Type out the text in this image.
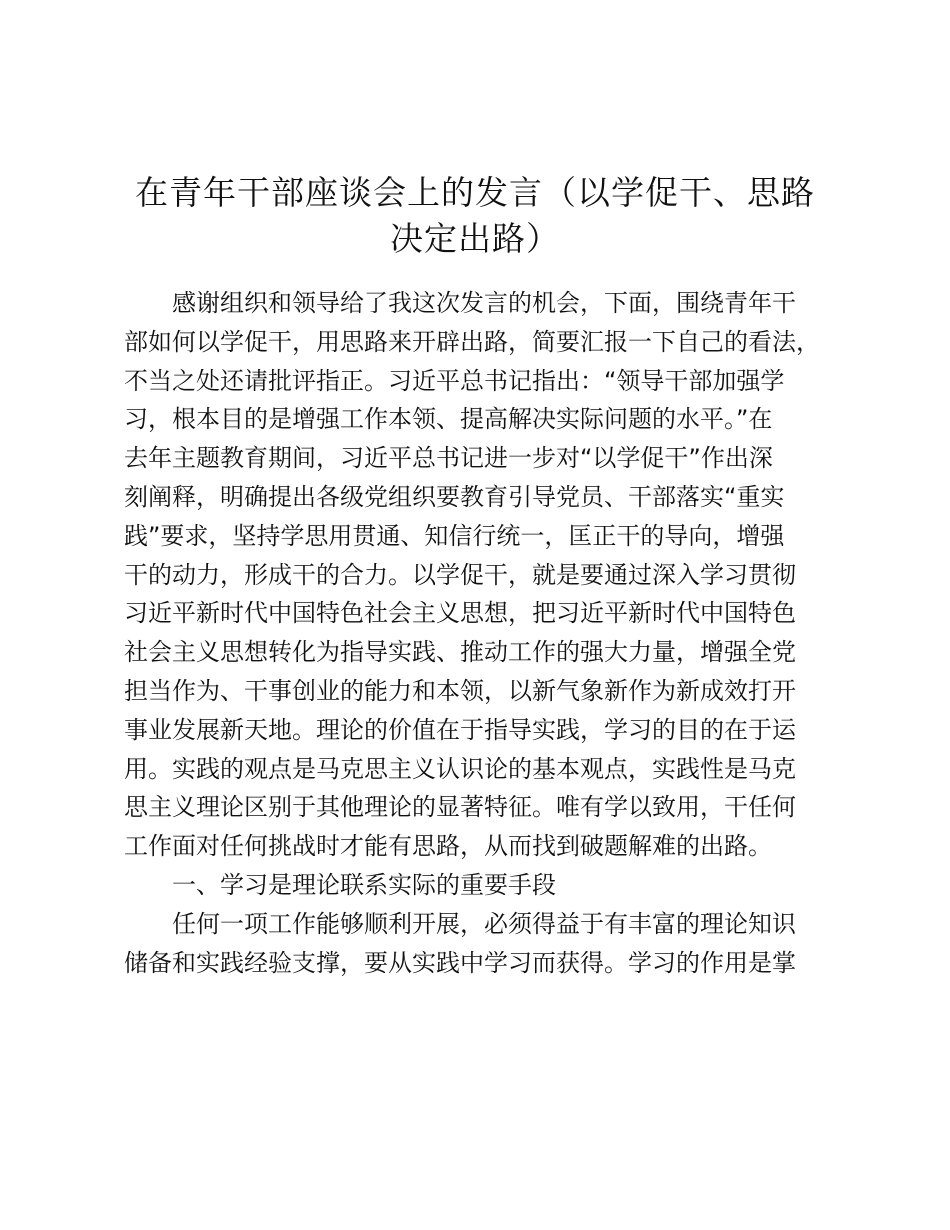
在青年干部座谈会上的发言（以学促干、思路
决定出路）
感谢组织和领导给了我这次发言的机会，下面，围绕青年干
部如何以学促干，用思路来开辟出路，简要汇报一下自己的看法，
不当之处还请批评指正。习近平总书记指出：“领导干部加强学
习，根本目的是增强工作本领、提高解决实际问题的水平。”在
去年主题教育期间，习近平总书记进一步对“以学促干”作出深
刻阐释，明确提出各级党组织要教育引导党员、干部落实“重实
践”要求，坚持学思用贯通、知信行统一，匡正干的导向，增强
干的动力，形成干的合力。以学促干，就是要通过深入学习贯彻
习近平新时代中国特色社会主义思想，把习近平新时代中国特色
社会主义思想转化为指导实践、推动工作的强大力量，增强全党
担当作为、干事创业的能力和本领，以新气象新作为新成效打开
事业发展新天地。理论的价值在于指导实践，学习的目的在于运
用。实践的观点是马克思主义认识论的基本观点，实践性是马克
思主义理论区别于其他理论的显著特征。唯有学以致用，干任何
工作面对任何挑战时才能有思路，从而找到破题解难的出路。
一、学习是理论联系实际的重要手段
任何一项工作能够顺利开展，必须得益于有丰富的理论知识
储备和实践经验支撑，要从实践中学习而获得。学习的作用是掌
